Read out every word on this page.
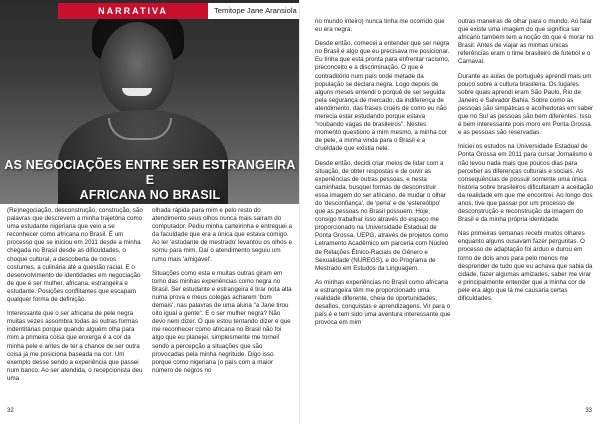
NARRATIVA	Temitope Jane Aransiola
AS NEGOCIAÇÕES ENTRE SER ESTRANGEIRA E
AFRICANA NO BRASIL

(Re)negociação, desconstrução, construção, são palavras que descrevem a minha trajetória como uma estudante nigeriana que veio a se reconhecer como africana no Brasil. É um processo que se iniciou em 2011 desde a minha chegada no Brasil desde as dificuldades, o choque cultural, a descoberta de novos costumes, a culinária até a questão racial. E o desenvolvimento de identidades em negociação de que é ser mulher, africana, estrangeira e estudante. Posições conflitantes que escapam qualquer forma de definição.

Interessante que o ser africana de pele negra muitas vezes assombra todas as outras formas indentitárias porque quando alguém olha para mim a primeira coisa que enxerga é a cor da minha pele e antes de ter a chance de ser outra coisa já me posiciona baseada na cor. Um exemplo desse sendo a experiência que passei num banco. Ao ser atendida, o recepcionista deu uma

olhada rápida para mim e pelo resto do atendimento seus olhos nunca mais saíram do computador. Pediu minha carteirinha e entreguei a da faculdade que era a única que estava comigo. Ao ler 'estudante de mestrado' levantou os olhos e sorriu para mim. Daí o atendimento seguiu um rumo mais 'amigável'.

Situações como esta e muitas outras giram em torno das minhas experiências como negra no Brasil. Ser estudante e estrangeira é tirar nota alta numa prova e meus colegas acharem 'bom demais', nas palavras de uma aluna "a Jane tirou oito igual a gente". E o ser mulher negra? Não devo nem dizer. O que estou tentando dizer é que me reconhecer como africana no Brasil não foi algo que eu planejei, simplesmente me tornei! sendo a percepção a situações que são provocadas pela minha negritude. Digo isso porque como nigeriana (o país com a maior número de negros no

32	33

no mundo inteiro) nunca tinha me ocorrido que eu era negra.

Desde então, comecei a entender que ser negra no Brasil é algo que eu precisava me posicionar. Eu tinha que está pronta para enfrentar racismo, preconceito e a discriminação. O que é contraditório num país onde metade da população se declara negra. Logo depois de alguns meses entendi o porquê de ser seguida pela segurança de mercado, da indiferença de atendimento, das frases cruéis de como eu não merecia estar estudando porque estava "roubando vagas de brasileiros". Nestes momento questiono a mim mesmo, a minha cor de pele, a minha vinda para o Brasil e a crueldade que existia nele.

Desde então, decidi criar meios de lidar com a situação, de obter respostas e de ouvir as experiências de outras pessoas, e nesta caminhada, busquei formas de desconstruir essa imagem do ser africano, de mudar o olhar do 'desconfiança', de 'pena' e de 'estereótipo' que as pessoas no Brasil possuem. Hoje, consigo trabalhar isso através do espaço me proporcionado na Universidade Estadual de Ponta Grossa, UEPG, através de projetos como Letramento Acadêmico em parceria com Núcleo de Relações Étnico-Raciais de Gênero e Sexualidade (NUREGS), e do Programa de Mestrado em Estudos da Linguagem.

As minhas experiências no Brasil como africana e estrangeira têm me proporcionado uma realidade diferente, cheia de oportunidades, desafios, conquistas e aprendizagens. Vir para o país é e tem sido uma aventura interessante que provoca em mim

outras maneiras de olhar para o mundo. Ao falar que existe uma imagem do que significa ser africano também tem a noção do que é morar no Brasil. Antes de viajar as minhas únicas referências eram o time brasileiro de futebol e o Carnaval.

Durante as aulas de português aprendi mais um pouco sobre a cultura brasileira. Os lugares sobre quais aprendi eram São Paulo, Rio de Janeiro e Salvador Bahia. Sobre como as pessoas são simpáticas e acolhedoras em saber que no Sul as pessoas são bem diferentes. Isso é bem interessante pois moro em Ponta Grossa e as pessoas são reservadas.

Iniciei os estudos na Universidade Estadual de Ponta Grossa em 2011 para cursar Jornalismo e não levou nada mais que poucos dias para perceber as diferenças culturais e sociais. As consequências de possuir somente uma única história sobre brasileiros dificultaram a aceitação da realidade em que me encontrei. Ao longo dos anos, tive que passar por um processo de desconstrução e reconstrução da imagem do Brasil e da minha própria identidade.

Nas primeiras semanas recebi muitos olhares enquanto alguns ousavam fazer perguntas. O processo de adaptação foi árduo e durou em torno de dois anos para pelo menos me desprender de tudo que eu achava que sabia da cidade, fazer algumas amizades, saber me virar e principalmente entender que a minha cor de pele era algo que lá me causaria certas dificuldades.
